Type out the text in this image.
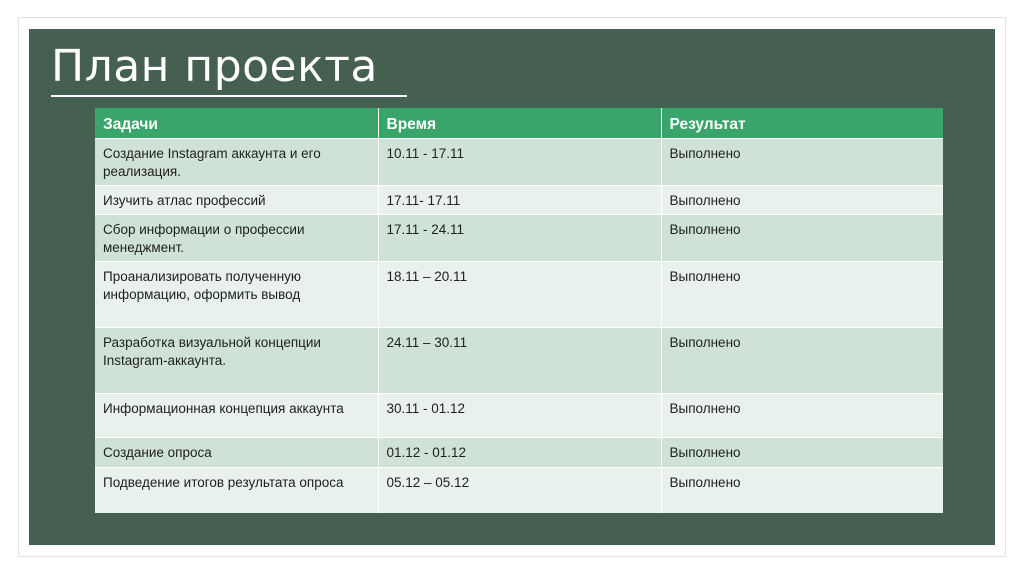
План проекта
Задачи	Время	Результат
Создание Instagram аккаунта и его реализация.	10.11 - 17.11	Выполнено
Изучить атлас профессий	17.11- 17.11	Выполнено
Сбор информации о профессии менеджмент.	17.11 - 24.11	Выполнено
Проанализировать полученную информацию, оформить вывод	18.11 – 20.11	Выполнено
Разработка визуальной концепции Instagram-аккаунта.	24.11 – 30.11	Выполнено
Информационная концепция аккаунта	30.11 - 01.12	Выполнено
Создание опроса	01.12 - 01.12	Выполнено
Подведение итогов результата опроса	05.12 – 05.12	Выполнено
